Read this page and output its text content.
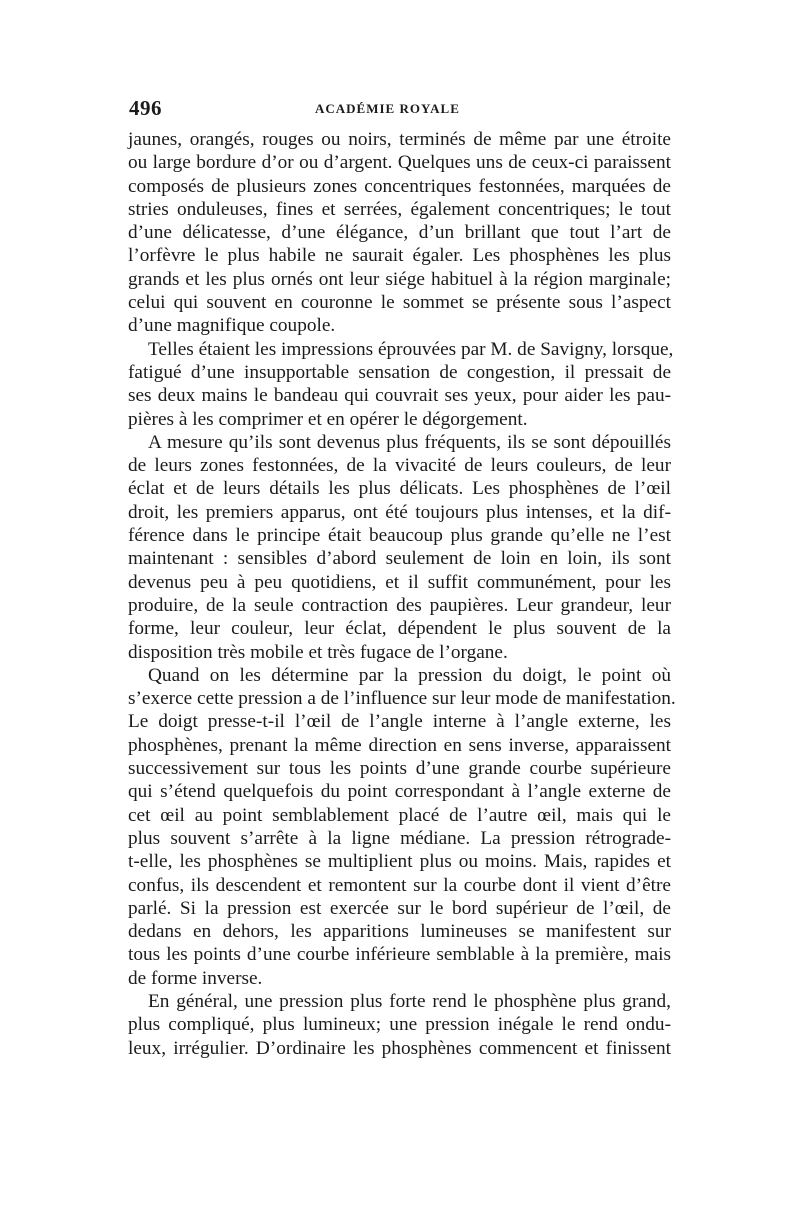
496	ACADÉMIE ROYALE
jaunes, orangés, rouges ou noirs, terminés de même par une étroite
ou large bordure d’or ou d’argent. Quelques uns de ceux-ci paraissent
composés de plusieurs zones concentriques festonnées, marquées de
stries onduleuses, fines et serrées, également concentriques; le tout
d’une délicatesse, d’une élégance, d’un brillant que tout l’art de
l’orfèvre le plus habile ne saurait égaler. Les phosphènes les plus
grands et les plus ornés ont leur siége habituel à la région marginale;
celui qui souvent en couronne le sommet se présente sous l’aspect
d’une magnifique coupole.
Telles étaient les impressions éprouvées par M. de Savigny, lorsque,
fatigué d’une insupportable sensation de congestion, il pressait de
ses deux mains le bandeau qui couvrait ses yeux, pour aider les pau-
pières à les comprimer et en opérer le dégorgement.
A mesure qu’ils sont devenus plus fréquents, ils se sont dépouillés
de leurs zones festonnées, de la vivacité de leurs couleurs, de leur
éclat et de leurs détails les plus délicats. Les phosphènes de l’œil
droit, les premiers apparus, ont été toujours plus intenses, et la dif-
férence dans le principe était beaucoup plus grande qu’elle ne l’est
maintenant : sensibles d’abord seulement de loin en loin, ils sont
devenus peu à peu quotidiens, et il suffit communément, pour les
produire, de la seule contraction des paupières. Leur grandeur, leur
forme, leur couleur, leur éclat, dépendent le plus souvent de la
disposition très mobile et très fugace de l’organe.
Quand on les détermine par la pression du doigt, le point où
s’exerce cette pression a de l’influence sur leur mode de manifestation.
Le doigt presse-t-il l’œil de l’angle interne à l’angle externe, les
phosphènes, prenant la même direction en sens inverse, apparaissent
successivement sur tous les points d’une grande courbe supérieure
qui s’étend quelquefois du point correspondant à l’angle externe de
cet œil au point semblablement placé de l’autre œil, mais qui le
plus souvent s’arrête à la ligne médiane. La pression rétrograde-
t-elle, les phosphènes se multiplient plus ou moins. Mais, rapides et
confus, ils descendent et remontent sur la courbe dont il vient d’être
parlé. Si la pression est exercée sur le bord supérieur de l’œil, de
dedans en dehors, les apparitions lumineuses se manifestent sur
tous les points d’une courbe inférieure semblable à la première, mais
de forme inverse.
En général, une pression plus forte rend le phosphène plus grand,
plus compliqué, plus lumineux; une pression inégale le rend ondu-
leux, irrégulier. D’ordinaire les phosphènes commencent et finissent
